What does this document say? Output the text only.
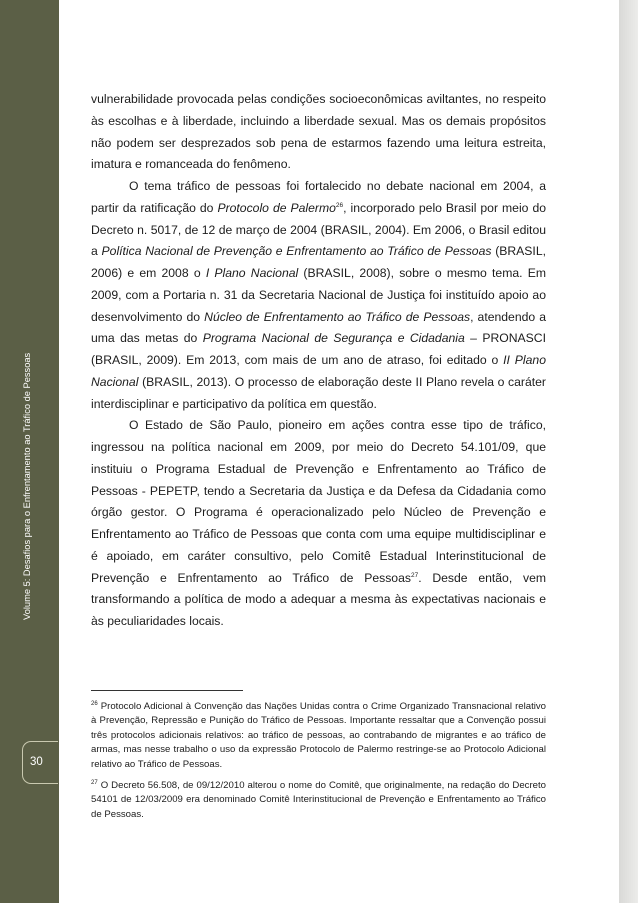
Volume 5: Desafios para o Enfrentamento ao Tráfico de Pessoas
30

vulnerabilidade provocada pelas condições socioeconômicas aviltantes, no respeito às escolhas e à liberdade, incluindo a liberdade sexual. Mas os demais propósitos não podem ser desprezados sob pena de estarmos fazendo uma leitura estreita, imatura e romanceada do fenômeno.

O tema tráfico de pessoas foi fortalecido no debate nacional em 2004, a partir da ratificação do Protocolo de Palermo$^{26}$, incorporado pelo Brasil por meio do Decreto n. 5017, de 12 de março de 2004 (BRASIL, 2004). Em 2006, o Brasil editou a Política Nacional de Prevenção e Enfrentamento ao Tráfico de Pessoas (BRASIL, 2006) e em 2008 o I Plano Nacional (BRASIL, 2008), sobre o mesmo tema. Em 2009, com a Portaria n. 31 da Secretaria Nacional de Justiça foi instituído apoio ao desenvolvimento do Núcleo de Enfrentamento ao Tráfico de Pessoas, atendendo a uma das metas do Programa Nacional de Segurança e Cidadania – PRONASCI (BRASIL, 2009). Em 2013, com mais de um ano de atraso, foi editado o II Plano Nacional (BRASIL, 2013). O processo de elaboração deste II Plano revela o caráter interdisciplinar e participativo da política em questão.

O Estado de São Paulo, pioneiro em ações contra esse tipo de tráfico, ingressou na política nacional em 2009, por meio do Decreto 54.101/09, que instituiu o Programa Estadual de Prevenção e Enfrentamento ao Tráfico de Pessoas - PEPETP, tendo a Secretaria da Justiça e da Defesa da Cidadania como órgão gestor. O Programa é operacionalizado pelo Núcleo de Prevenção e Enfrentamento ao Tráfico de Pessoas que conta com uma equipe multidisciplinar e é apoiado, em caráter consultivo, pelo Comitê Estadual Interinstitucional de Prevenção e Enfrentamento ao Tráfico de Pessoas$^{27}$. Desde então, vem transformando a política de modo a adequar a mesma às expectativas nacionais e às peculiaridades locais.

$^{26}$ Protocolo Adicional à Convenção das Nações Unidas contra o Crime Organizado Transnacional relativo à Prevenção, Repressão e Punição do Tráfico de Pessoas. Importante ressaltar que a Convenção possui três protocolos adicionais relativos: ao tráfico de pessoas, ao contrabando de migrantes e ao tráfico de armas, mas nesse trabalho o uso da expressão Protocolo de Palermo restringe-se ao Protocolo Adicional relativo ao Tráfico de Pessoas.
$^{27}$ O Decreto 56.508, de 09/12/2010 alterou o nome do Comitê, que originalmente, na redação do Decreto 54101 de 12/03/2009 era denominado Comitê Interinstitucional de Prevenção e Enfrentamento ao Tráfico de Pessoas.
